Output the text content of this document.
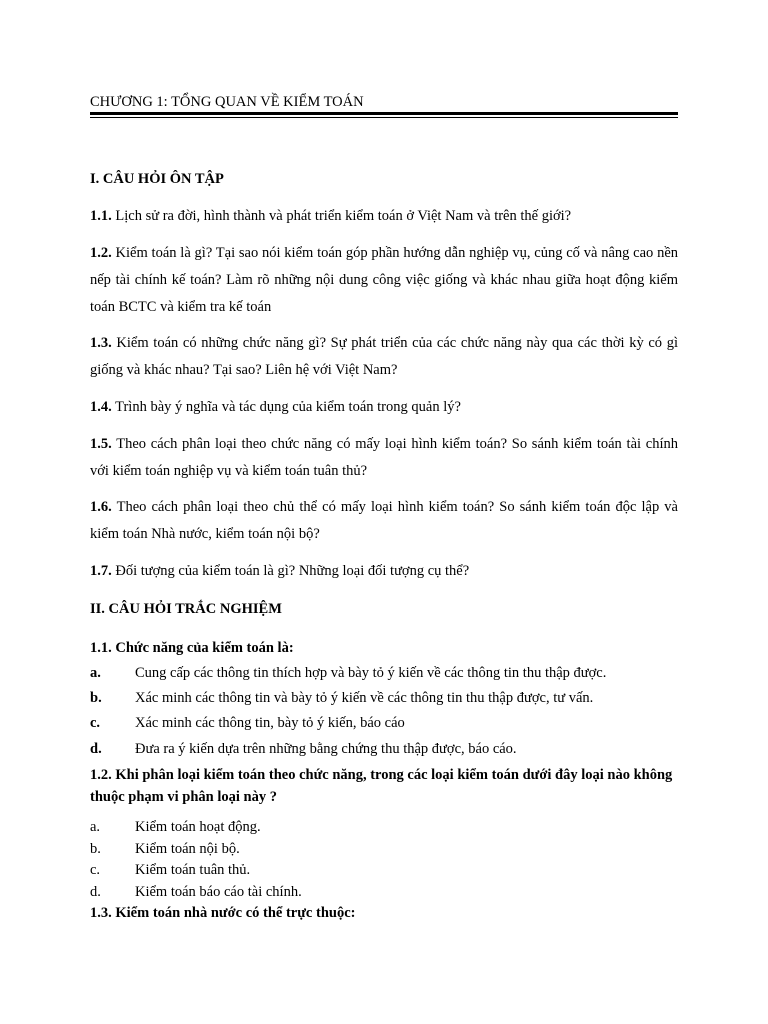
CHƯƠNG 1: TỔNG QUAN VỀ KIỂM TOÁN
I. CÂU HỎI ÔN TẬP
1.1. Lịch sử ra đời, hình thành và phát triển kiểm toán ở Việt Nam và trên thế giới?
1.2. Kiểm toán là gì? Tại sao nói kiểm toán góp phần hướng dẫn nghiệp vụ, củng cố và nâng cao nền nếp tài chính kế toán? Làm rõ những nội dung công việc giống và khác nhau giữa hoạt động kiểm toán BCTC và kiểm tra kế toán
1.3. Kiểm toán có những chức năng gì? Sự phát triển của các chức năng này qua các thời kỳ có gì giống và khác nhau? Tại sao? Liên hệ với Việt Nam?
1.4. Trình bày ý nghĩa và tác dụng của kiểm toán trong quản lý?
1.5. Theo cách phân loại theo chức năng có mấy loại hình kiểm toán? So sánh kiểm toán tài chính với kiểm toán nghiệp vụ và kiểm toán tuân thủ?
1.6. Theo cách phân loại theo chủ thể có mấy loại hình kiểm toán? So sánh kiểm toán độc lập và kiểm toán Nhà nước, kiểm toán nội bộ?
1.7. Đối tượng của kiểm toán là gì? Những loại đối tượng cụ thể?
II. CÂU HỎI TRẮC NGHIỆM
1.1. Chức năng của kiểm toán là:
a. Cung cấp các thông tin thích hợp và bày tỏ ý kiến về các thông tin thu thập được.
b. Xác minh các thông tin và bày tỏ ý kiến về các thông tin thu thập được, tư vấn.
c. Xác minh các thông tin, bày tỏ ý kiến, báo cáo
d. Đưa ra ý kiến dựa trên những bằng chứng thu thập được, báo cáo.
1.2. Khi phân loại kiểm toán theo chức năng, trong các loại kiểm toán dưới đây loại nào không thuộc phạm vi phân loại này ?
a. Kiểm toán hoạt động.
b. Kiểm toán nội bộ.
c. Kiểm toán tuân thủ.
d. Kiểm toán báo cáo tài chính.
1.3. Kiểm toán nhà nước có thể trực thuộc:
